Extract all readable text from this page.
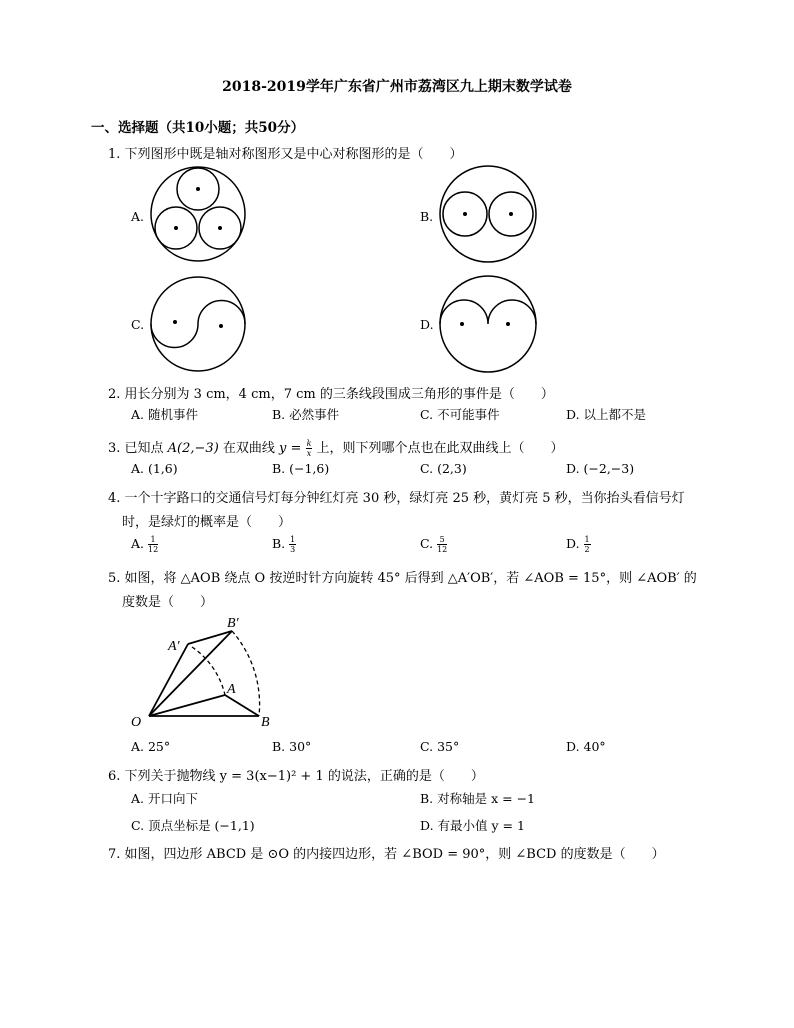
2018-2019学年广东省广州市荔湾区九上期末数学试卷
一、选择题（共10小题；共50分）
1. 下列图形中既是轴对称图形又是中心对称图形的是（　　）
A.	B.
C.	D.
2. 用长分别为 3 cm，4 cm，7 cm 的三条线段围成三角形的事件是（　　）
A. 随机事件	B. 必然事件	C. 不可能事件	D. 以上都不是
3. 已知点 A(2,−3) 在双曲线 $y = \frac{k}{x}$ 上，则下列哪个点也在此双曲线上（　　）
A. (1,6)	B. (−1,6)	C. (2,3)	D. (−2,−3)
4. 一个十字路口的交通信号灯每分钟红灯亮 30 秒，绿灯亮 25 秒，黄灯亮 5 秒，当你抬头看信号灯
时，是绿灯的概率是（　　）
A. $\frac{1}{12}$	B. $\frac{1}{3}$	C. $\frac{5}{12}$	D. $\frac{1}{2}$
5. 如图，将 △AOB 绕点 O 按逆时针方向旋转 45° 后得到 △A′OB′，若 ∠AOB = 15°，则 ∠AOB′ 的
度数是（　　）
O
A
B
A′
B′
A. 25°	B. 30°	C. 35°	D. 40°
6. 下列关于抛物线 y = 3(x−1)² + 1 的说法，正确的是（　　）
A. 开口向下	B. 对称轴是 x = −1
C. 顶点坐标是 (−1,1)	D. 有最小值 y = 1
7. 如图，四边形 ABCD 是 ⊙O 的内接四边形，若 ∠BOD = 90°，则 ∠BCD 的度数是（　　）
